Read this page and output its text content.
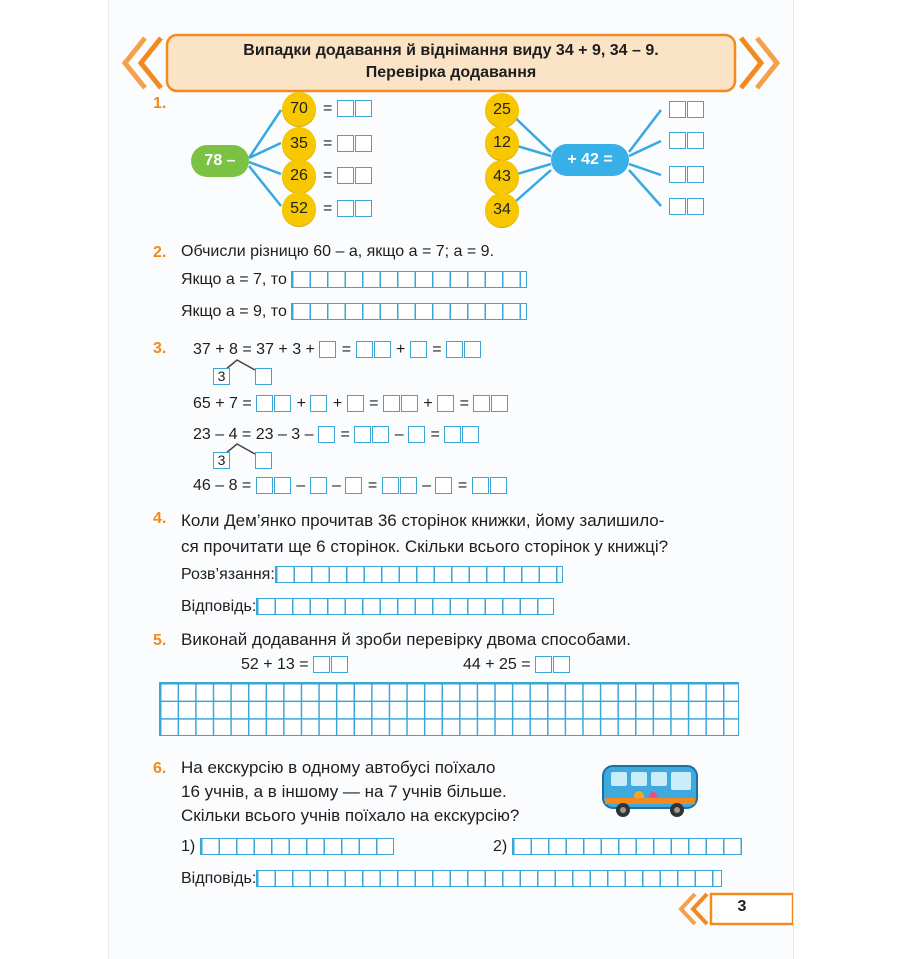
Випадки додавання й віднімання виду 34 + 9, 34 – 9.
Перевірка додавання
1.
78 –
70
35
26
52
=
=
=
=
25
12
43
34
+ 42 =
2. Обчисли різницю 60 – а, якщо а = 7; а = 9.
Якщо а = 7, то
Якщо а = 9, то
3. 37 + 8 = 37 + 3 + =	+ =
3
65 + 7 =	+ + =	+ =
23 – 4 = 23 – 3 – =	– =
3
46 – 8 =	– – =	– =
4. Коли Дем’янко прочитав 36 сторінок книжки, йому залишило-
ся прочитати ще 6 сторінок. Скільки всього сторінок у книжці?
Розв’язання:
Відповідь:
5. Виконай додавання й зроби перевірку двома способами.
52 + 13 =	44 + 25 =
6. На екскурсію в одному автобусі поїхало
16 учнів, а в іншому — на 7 учнів більше.
Скільки всього учнів поїхало на екскурсію?
1)	2)
Відповідь:
3
